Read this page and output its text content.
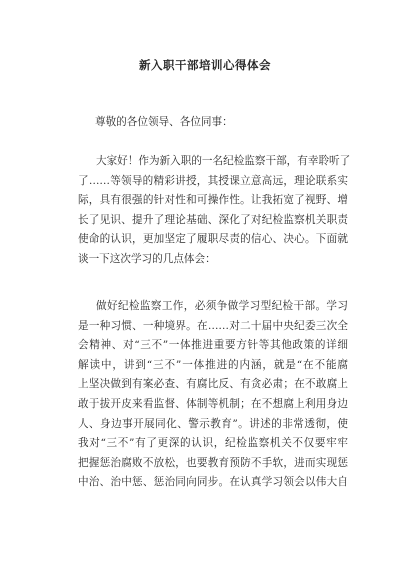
新入职干部培训心得体会
尊敬的各位领导、各位同事：
大家好！作为新入职的一名纪检监察干部，有幸聆听了
了……等领导的精彩讲授，其授课立意高远，理论联系实
际，具有很强的针对性和可操作性。让我拓宽了视野、增
长了见识、提升了理论基础、深化了对纪检监察机关职责
使命的认识，更加坚定了履职尽责的信心、决心。下面就
谈一下这次学习的几点体会：
做好纪检监察工作，必须争做学习型纪检干部。学习
是一种习惯、一种境界。在……对二十届中央纪委三次全
会精神、对“三不”一体推进重要方针等其他政策的详细
解读中，讲到“三不”一体推进的内涵，就是“在不能腐
上坚决做到有案必查、有腐比反、有贪必肃；在不敢腐上
敢于拔开皮来看监督、体制等机制；在不想腐上利用身边
人、身边事开展同化、警示教育”。讲述的非常透彻，使
我对“三不”有了更深的认识，纪检监察机关不仅要牢牢
把握惩治腐败不放松，也要教育预防不手软，进而实现惩
中治、治中惩、惩治同向同步。在认真学习领会以伟大自
